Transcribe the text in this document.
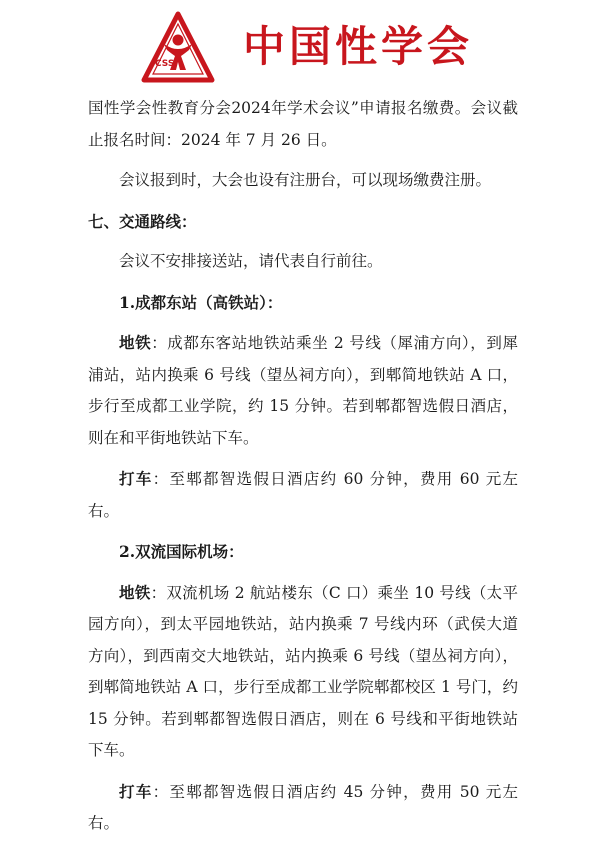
CSS 中国性学会

国性学会性教育分会2024年学术会议”申请报名缴费。会议截止报名时间：2024 年 7 月 26 日。

会议报到时，大会也设有注册台，可以现场缴费注册。

七、交通路线：

会议不安排接送站，请代表自行前往。

1.成都东站（高铁站）：

地铁：成都东客站地铁站乘坐 2 号线（犀浦方向），到犀浦站，站内换乘 6 号线（望丛祠方向），到郫简地铁站 A 口，步行至成都工业学院，约 15 分钟。若到郫都智选假日酒店，则在和平街地铁站下车。

打车：至郫都智选假日酒店约 60 分钟，费用 60 元左右。

2.双流国际机场：

地铁：双流机场 2 航站楼东（C 口）乘坐 10 号线（太平园方向），到太平园地铁站，站内换乘 7 号线内环（武侯大道方向），到西南交大地铁站，站内换乘 6 号线（望丛祠方向），到郫简地铁站 A 口，步行至成都工业学院郫都校区 1 号门，约 15 分钟。若到郫都智选假日酒店，则在 6 号线和平街地铁站下车。

打车：至郫都智选假日酒店约 45 分钟，费用 50 元左右。
